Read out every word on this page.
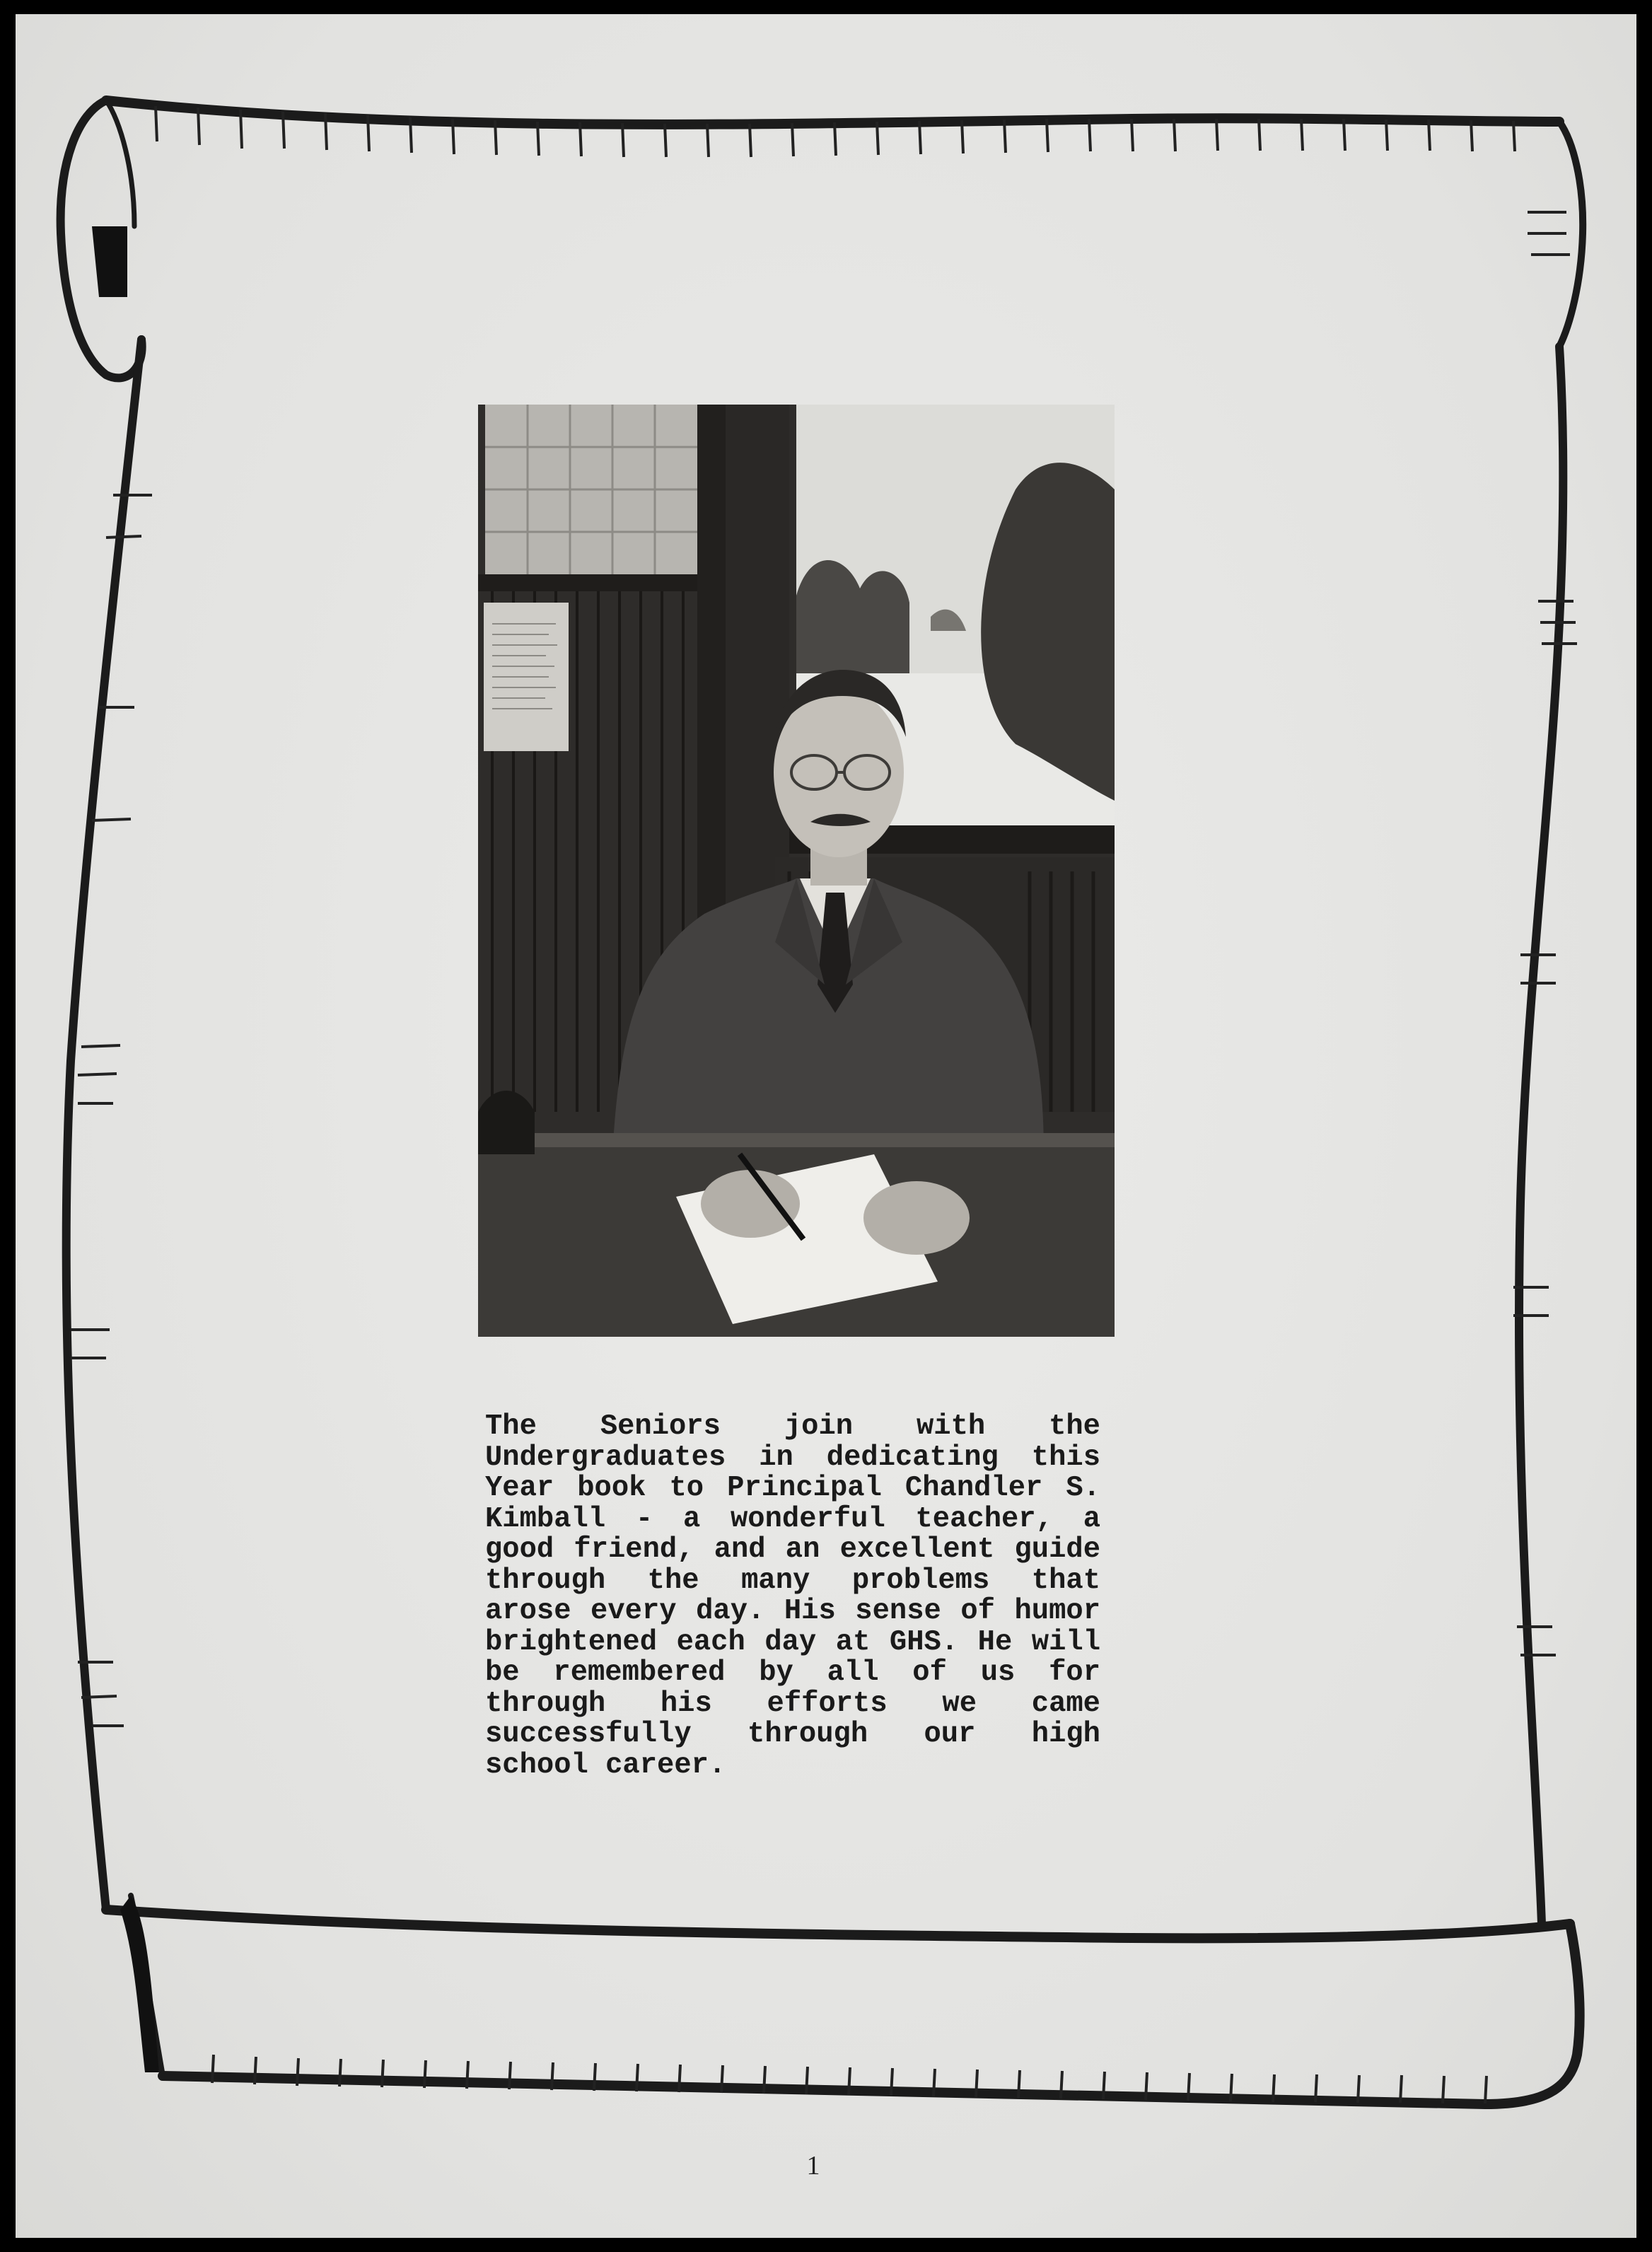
The Seniors join with the Undergraduates in dedicating this Year book to Principal Chandler S. Kimball - a wonderful teacher, a good friend, and an excellent guide through the many problems that arose every day. His sense of humor brightened each day at GHS. He will be remembered by all of us for through his efforts we came successfully through our high school career.

1
